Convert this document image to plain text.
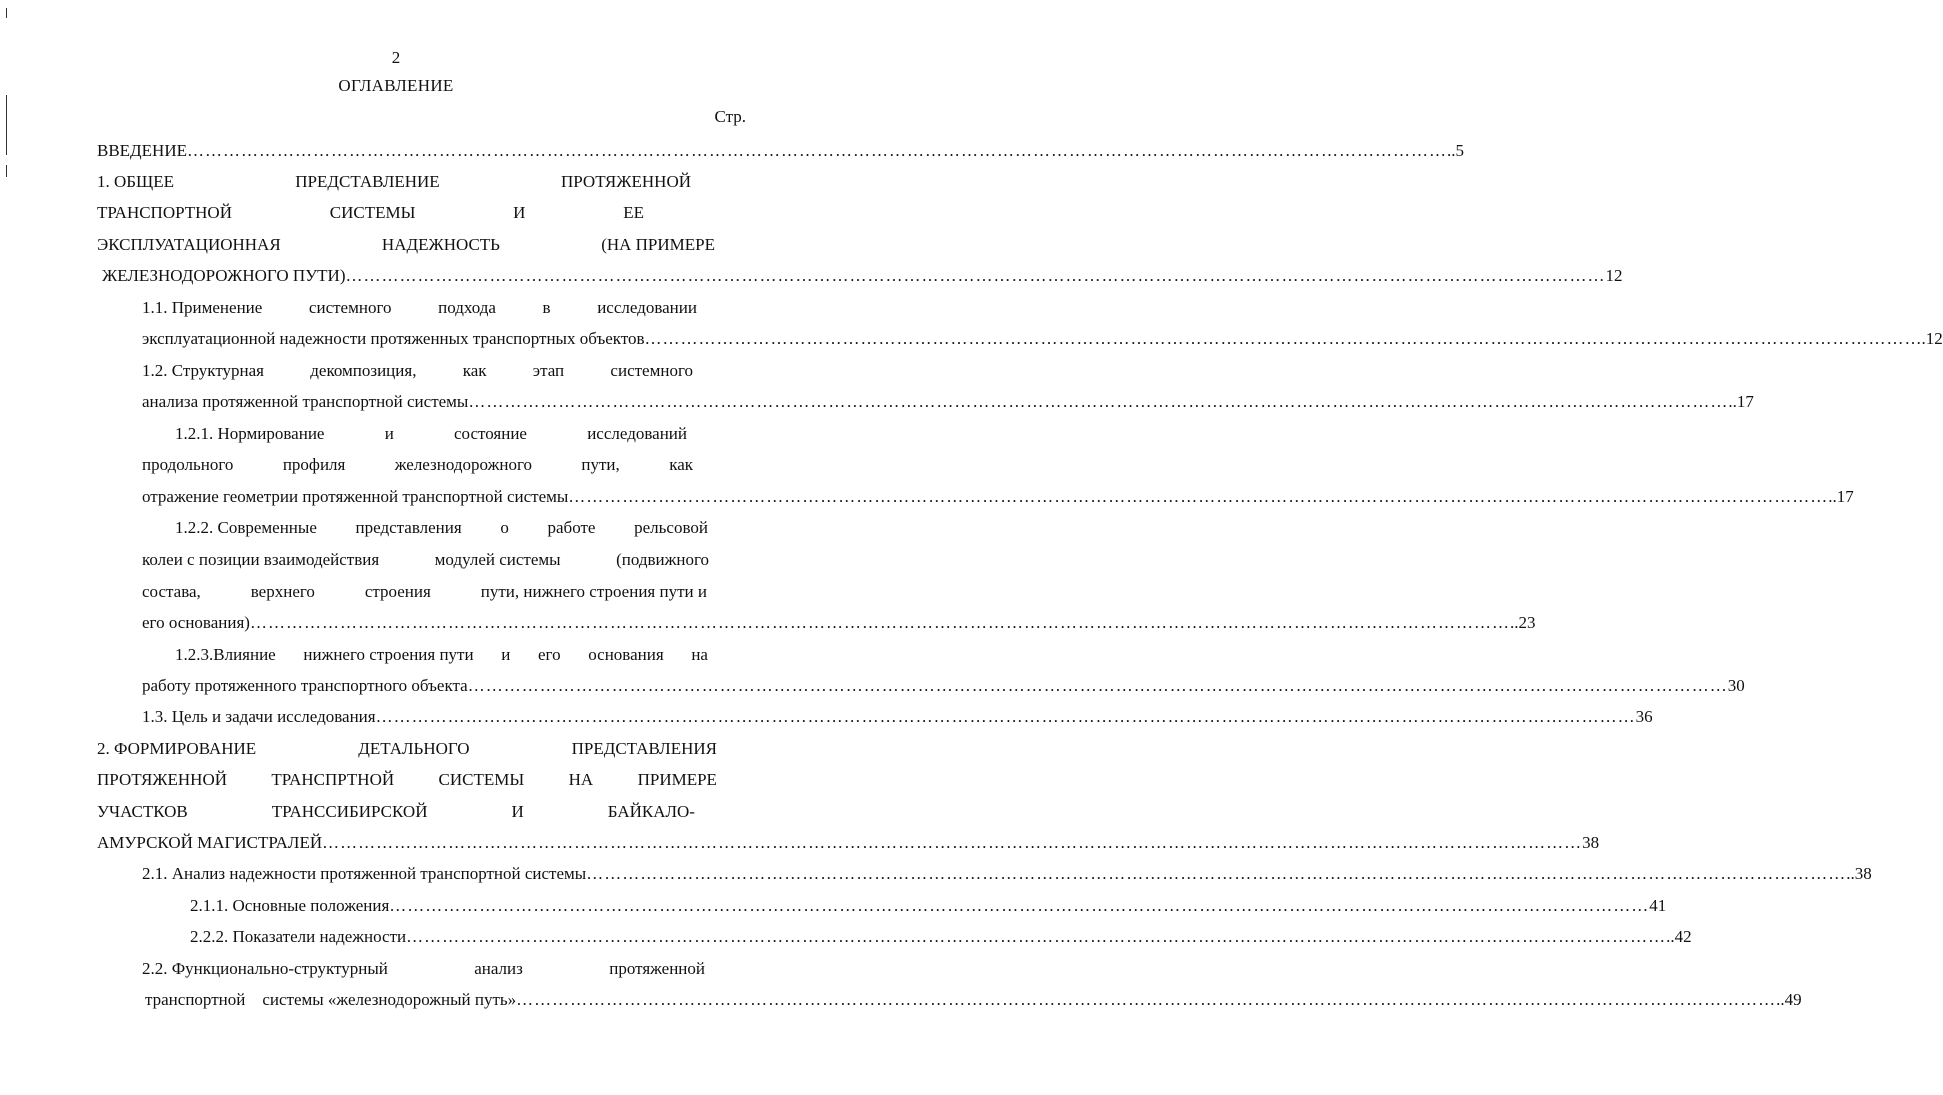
2
ОГЛАВЛЕНИЕ
Стр.
ВВЕДЕНИЕ ………………………………………………………………………………………………………………………………………………………………………………………… ..5
1. ОБЩЕЕ	ПРЕДСТАВЛЕНИЕ	ПРОТЯЖЕННОЙ
ТРАНСПОРТНОЙ	СИСТЕМЫ	И	ЕЕ
ЭКСПЛУАТАЦИОННАЯ	НАДЕЖНОСТЬ	(НА ПРИМЕРЕ
ЖЕЛЕЗНОДОРОЖНОГО ПУТИ) ………………………………………………………………………………………………………………………………………………………………………………………… 12
1.1. Применение	системного	подхода	в	исследовании
эксплуатационной надежности протяженных транспортных объектов ………………………………………………………………………………………………………………………………………………………………………………………… ….12
1.2. Структурная	декомпозиция,	как	этап	системного
анализа протяженной транспортной системы ………………………………………………………………………………………………………………………………………………………………………………………… ..17
1.2.1. Нормирование	и	состояние	исследований
продольного	профиля	железнодорожного	пути,	как
отражение геометрии протяженной транспортной системы ………………………………………………………………………………………………………………………………………………………………………………………… ..17
1.2.2. Современные представления о работе рельсовой
колеи с позиции взаимодействия	модулей системы	(подвижного
состава,	верхнего	строения	пути, нижнего строения пути и
его основания) ………………………………………………………………………………………………………………………………………………………………………………………… ..23
1.2.3.Влияние нижнего строения пути и его основания на
работу протяженного транспортного объекта ………………………………………………………………………………………………………………………………………………………………………………………… 30
1.3. Цель и задачи исследования ………………………………………………………………………………………………………………………………………………………………………………………… 36
2. ФОРМИРОВАНИЕ	ДЕТАЛЬНОГО	ПРЕДСТАВЛЕНИЯ
ПРОТЯЖЕННОЙ	ТРАНСПРТНОЙ	СИСТЕМЫ	НА	ПРИМЕРЕ
УЧАСТКОВ	ТРАНССИБИРСКОЙ	И	БАЙКАЛО-
АМУРСКОЙ МАГИСТРАЛЕЙ ………………………………………………………………………………………………………………………………………………………………………………………… 38
2.1. Анализ надежности протяженной транспортной системы ………………………………………………………………………………………………………………………………………………………………………………………… ..38
2.1.1. Основные положения ………………………………………………………………………………………………………………………………………………………………………………………… 41
2.2.2. Показатели надежности ………………………………………………………………………………………………………………………………………………………………………………………… ..42
2.2. Функционально-структурный	анализ	протяженной
транспортной    системы «железнодорожный путь» ………………………………………………………………………………………………………………………………………………………………………………………… ..49
